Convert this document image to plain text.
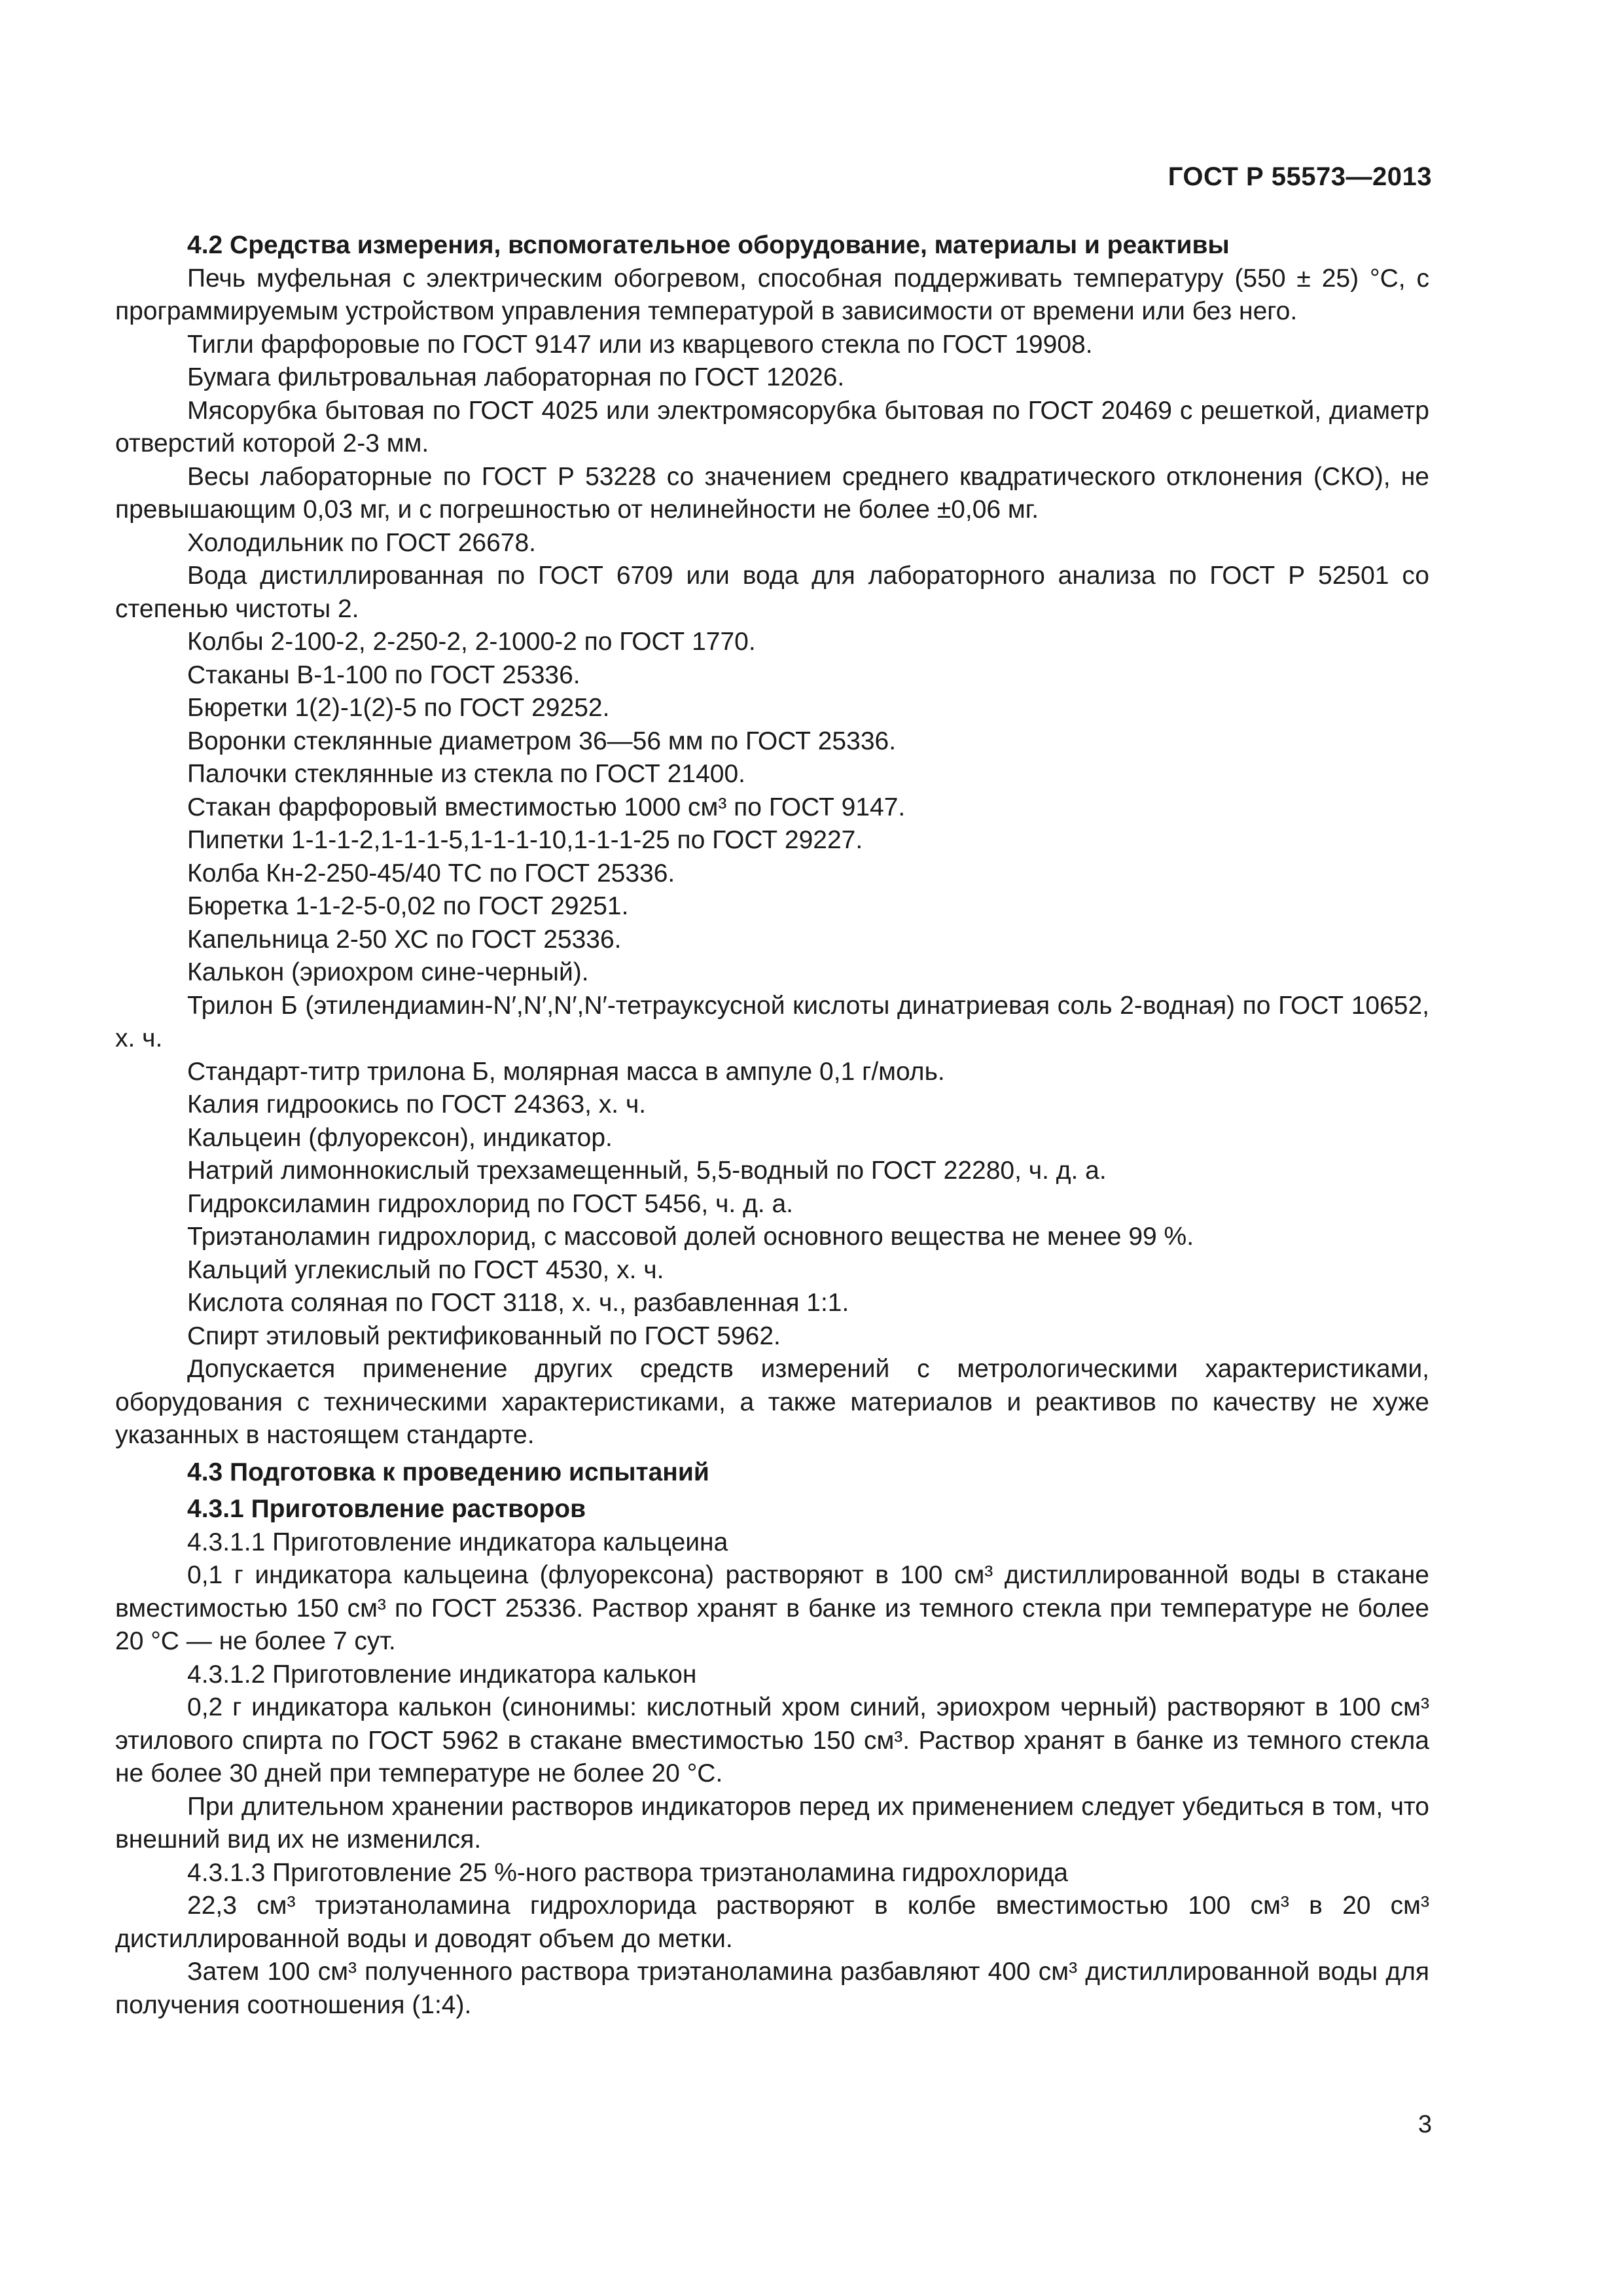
ГОСТ Р 55573—2013

4.2 Средства измерения, вспомогательное оборудование, материалы и реактивы

Печь муфельная с электрическим обогревом, способная поддерживать температуру (550 ± 25) °С, с программируемым устройством управления температурой в зависимости от времени или без него.

Тигли фарфоровые по ГОСТ 9147 или из кварцевого стекла по ГОСТ 19908.

Бумага фильтровальная лабораторная по ГОСТ 12026.

Мясорубка бытовая по ГОСТ 4025 или электромясорубка бытовая по ГОСТ 20469 с решеткой, диаметр отверстий которой 2-3 мм.

Весы лабораторные по ГОСТ Р 53228 со значением среднего квадратического отклонения (СКО), не превышающим 0,03 мг, и с погрешностью от нелинейности не более ±0,06 мг.

Холодильник по ГОСТ 26678.

Вода дистиллированная по ГОСТ 6709 или вода для лабораторного анализа по ГОСТ Р 52501 со степенью чистоты 2.

Колбы 2-100-2, 2-250-2, 2-1000-2 по ГОСТ 1770.

Стаканы В-1-100 по ГОСТ 25336.

Бюретки 1(2)-1(2)-5 по ГОСТ 29252.

Воронки стеклянные диаметром 36—56 мм по ГОСТ 25336.

Палочки стеклянные из стекла по ГОСТ 21400.

Стакан фарфоровый вместимостью 1000 см³ по ГОСТ 9147.

Пипетки 1-1-1-2,1-1-1-5,1-1-1-10,1-1-1-25 по ГОСТ 29227.

Колба Кн-2-250-45/40 ТС по ГОСТ 25336.

Бюретка 1-1-2-5-0,02 по ГОСТ 29251.

Капельница 2-50 ХС по ГОСТ 25336.

Калькон (эриохром сине-черный).

Трилон Б (этилендиамин-N′,N′,N′,N′-тетрауксусной кислоты динатриевая соль 2-водная) по ГОСТ 10652, х. ч.

Стандарт-титр трилона Б, молярная масса в ампуле 0,1 г/моль.

Калия гидроокись по ГОСТ 24363, х. ч.

Кальцеин (флуорексон), индикатор.

Натрий лимоннокислый трехзамещенный, 5,5-водный по ГОСТ 22280, ч. д. а.

Гидроксиламин гидрохлорид по ГОСТ 5456, ч. д. а.

Триэтаноламин гидрохлорид, с массовой долей основного вещества не менее 99 %.

Кальций углекислый по ГОСТ 4530, х. ч.

Кислота соляная по ГОСТ 3118, х. ч., разбавленная 1:1.

Спирт этиловый ректификованный по ГОСТ 5962.

Допускается применение других средств измерений с метрологическими характеристиками, оборудования с техническими характеристиками, а также материалов и реактивов по качеству не хуже указанных в настоящем стандарте.

4.3 Подготовка к проведению испытаний

4.3.1 Приготовление растворов

4.3.1.1 Приготовление индикатора кальцеина

0,1 г индикатора кальцеина (флуорексона) растворяют в 100 см³ дистиллированной воды в стакане вместимостью 150 см³ по ГОСТ 25336. Раствор хранят в банке из темного стекла при температуре не более 20 °С — не более 7 сут.

4.3.1.2 Приготовление индикатора калькон

0,2 г индикатора калькон (синонимы: кислотный хром синий, эриохром черный) растворяют в 100 см³ этилового спирта по ГОСТ 5962 в стакане вместимостью 150 см³. Раствор хранят в банке из темного стекла не более 30 дней при температуре не более 20 °С.

При длительном хранении растворов индикаторов перед их применением следует убедиться в том, что внешний вид их не изменился.

4.3.1.3 Приготовление 25 %-ного раствора триэтаноламина гидрохлорида

22,3 см³ триэтаноламина гидрохлорида растворяют в колбе вместимостью 100 см³ в 20 см³ дистиллированной воды и доводят объем до метки.

Затем 100 см³ полученного раствора триэтаноламина разбавляют 400 см³ дистиллированной воды для получения соотношения (1:4).

3
